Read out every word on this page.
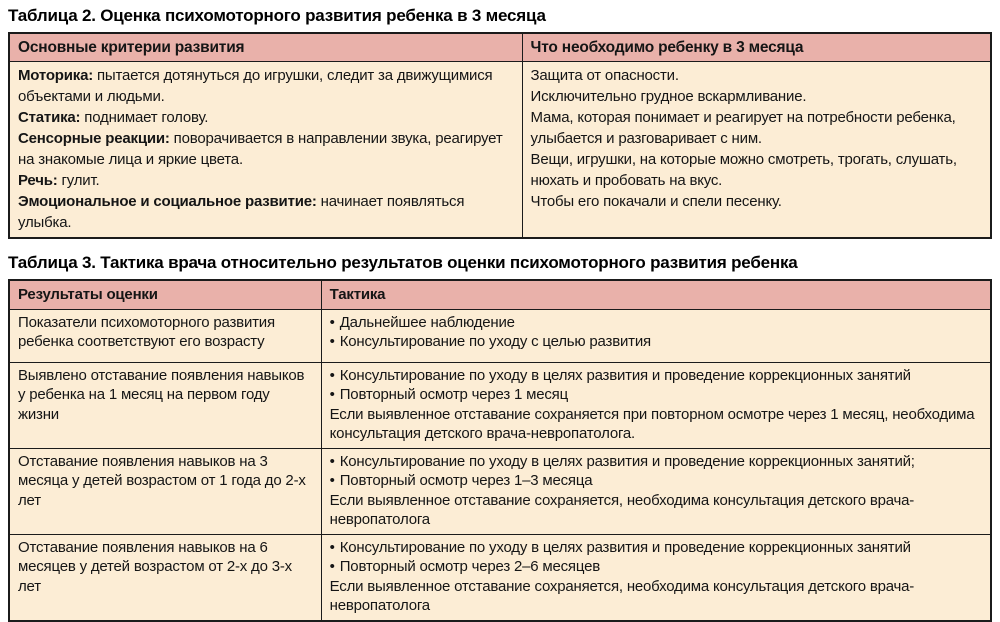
Таблица 2. Оценка психомоторного развития ребенка в 3 месяца
Основные критерии развития	Что необходимо ребенку в 3 месяца
Моторика: пытается дотянуться до игрушки, следит за движущимися объектами и людьми.
Статика: поднимает голову.
Сенсорные реакции: поворачивается в направлении звука, реагирует на знакомые лица и яркие цвета.
Речь: гулит.
Эмоциональное и социальное развитие: начинает появляться улыбка.
Защита от опасности.
Исключительно грудное вскармливание.
Мама, которая понимает и реагирует на потребности ребенка, улыбается и разговаривает с ним.
Вещи, игрушки, на которые можно смотреть, трогать, слушать, нюхать и пробовать на вкус.
Чтобы его покачали и спели песенку.
Таблица 3. Тактика врача относительно результатов оценки психомоторного развития ребенка
Результаты оценки	Тактика
Показатели психомоторного развития ребенка соответствуют его возрасту
• Дальнейшее наблюдение
• Консультирование по уходу с целью развития
Выявлено отставание появления навыков у ребенка на 1 месяц на первом году жизни
• Консультирование по уходу в целях развития и проведение коррекционных занятий
• Повторный осмотр через 1 месяц
Если выявленное отставание сохраняется при повторном осмотре через 1 месяц, необходима консультация детского врача-невропатолога.
Отставание появления навыков на 3 месяца у детей возрастом от 1 года до 2-х лет
• Консультирование по уходу в целях развития и проведение коррекционных занятий;
• Повторный осмотр через 1–3 месяца
Если выявленное отставание сохраняется, необходима консультация детского врача-невропатолога
Отставание появления навыков на 6 месяцев у детей возрастом от 2-х до 3-х лет
• Консультирование по уходу в целях развития и проведение коррекционных занятий
• Повторный осмотр через 2–6 месяцев
Если выявленное отставание сохраняется, необходима консультация детского врача-невропатолога
